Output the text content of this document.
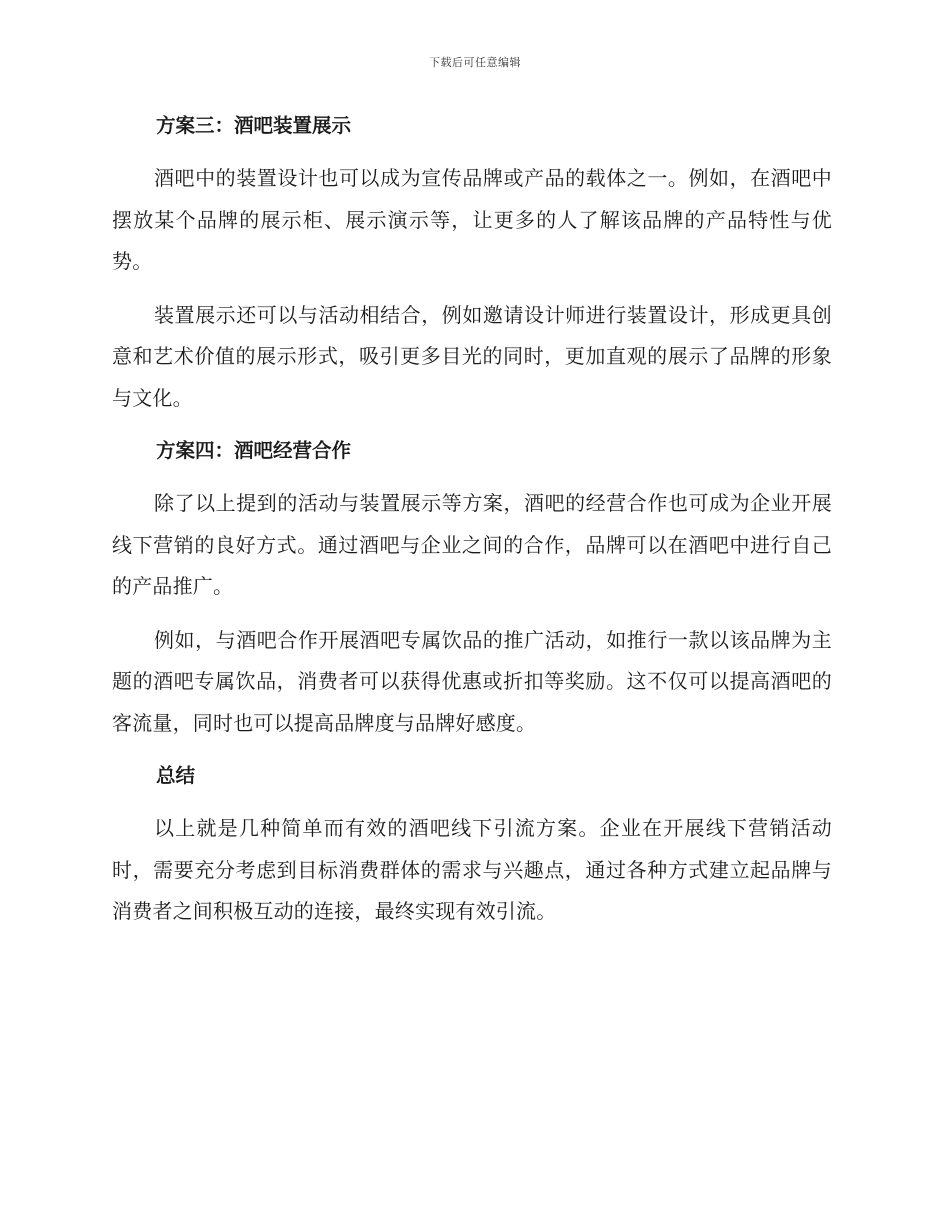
下载后可任意编辑
方案三：酒吧装置展示

酒吧中的装置设计也可以成为宣传品牌或产品的载体之一。例如，在酒吧中摆放某个品牌的展示柜、展示演示等，让更多的人了解该品牌的产品特性与优势。

装置展示还可以与活动相结合，例如邀请设计师进行装置设计，形成更具创意和艺术价值的展示形式，吸引更多目光的同时，更加直观的展示了品牌的形象与文化。

方案四：酒吧经营合作

除了以上提到的活动与装置展示等方案，酒吧的经营合作也可成为企业开展线下营销的良好方式。通过酒吧与企业之间的合作，品牌可以在酒吧中进行自己的产品推广。

例如，与酒吧合作开展酒吧专属饮品的推广活动，如推行一款以该品牌为主题的酒吧专属饮品，消费者可以获得优惠或折扣等奖励。这不仅可以提高酒吧的客流量，同时也可以提高品牌度与品牌好感度。

总结

以上就是几种简单而有效的酒吧线下引流方案。企业在开展线下营销活动时，需要充分考虑到目标消费群体的需求与兴趣点，通过各种方式建立起品牌与消费者之间积极互动的连接，最终实现有效引流。
